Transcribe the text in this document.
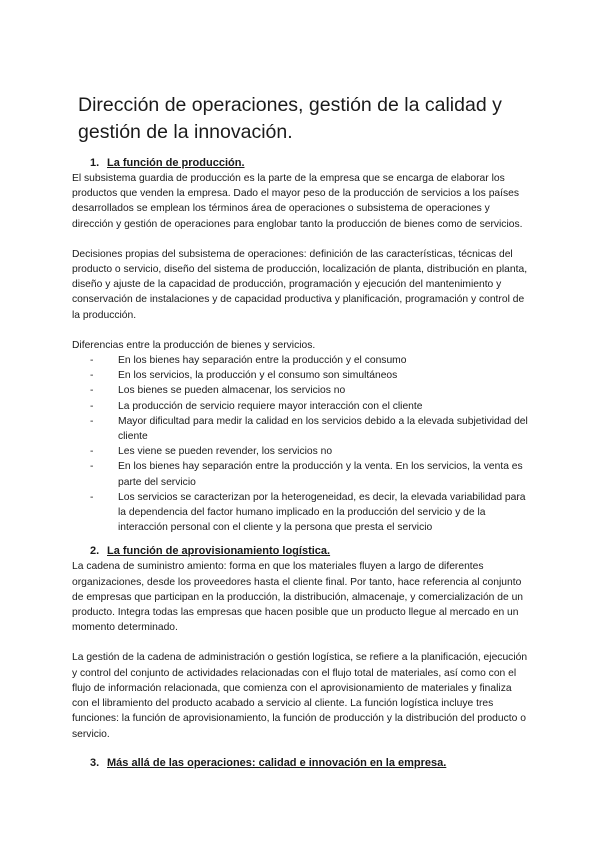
Dirección de operaciones, gestión de la calidad y gestión de la innovación.
1. La función de producción.

El subsistema guardia de producción es la parte de la empresa que se encarga de elaborar los productos que venden la empresa. Dado el mayor peso de la producción de servicios a los países desarrollados se emplean los términos área de operaciones o subsistema de operaciones y dirección y gestión de operaciones para englobar tanto la producción de bienes como de servicios.

Decisiones propias del subsistema de operaciones: definición de las características, técnicas del producto o servicio, diseño del sistema de producción, localización de planta, distribución en planta, diseño y ajuste de la capacidad de producción, programación y ejecución del mantenimiento y conservación de instalaciones y de capacidad productiva y planificación, programación y control de la producción.

Diferencias entre la producción de bienes y servicios.

- En los bienes hay separación entre la producción y el consumo
- En los servicios, la producción y el consumo son simultáneos
- Los bienes se pueden almacenar, los servicios no
- La producción de servicio requiere mayor interacción con el cliente
- Mayor dificultad para medir la calidad en los servicios debido a la elevada subjetividad del cliente
- Les viene se pueden revender, los servicios no
- En los bienes hay separación entre la producción y la venta. En los servicios, la venta es parte del servicio
- Los servicios se caracterizan por la heterogeneidad, es decir, la elevada variabilidad para la dependencia del factor humano implicado en la producción del servicio y de la interacción personal con el cliente y la persona que presta el servicio
2. La función de aprovisionamiento logística.

La cadena de suministro amiento: forma en que los materiales fluyen a largo de diferentes organizaciones, desde los proveedores hasta el cliente final. Por tanto, hace referencia al conjunto de empresas que participan en la producción, la distribución, almacenaje, y comercialización de un producto. Integra todas las empresas que hacen posible que un producto llegue al mercado en un momento determinado.

La gestión de la cadena de administración o gestión logística, se refiere a la planificación, ejecución y control del conjunto de actividades relacionadas con el flujo total de materiales, así como con el flujo de información relacionada, que comienza con el aprovisionamiento de materiales y finaliza con el libramiento del producto acabado a servicio al cliente. La función logística incluye tres funciones: la función de aprovisionamiento, la función de producción y la distribución del producto o servicio.

3. Más allá de las operaciones: calidad e innovación en la empresa.
